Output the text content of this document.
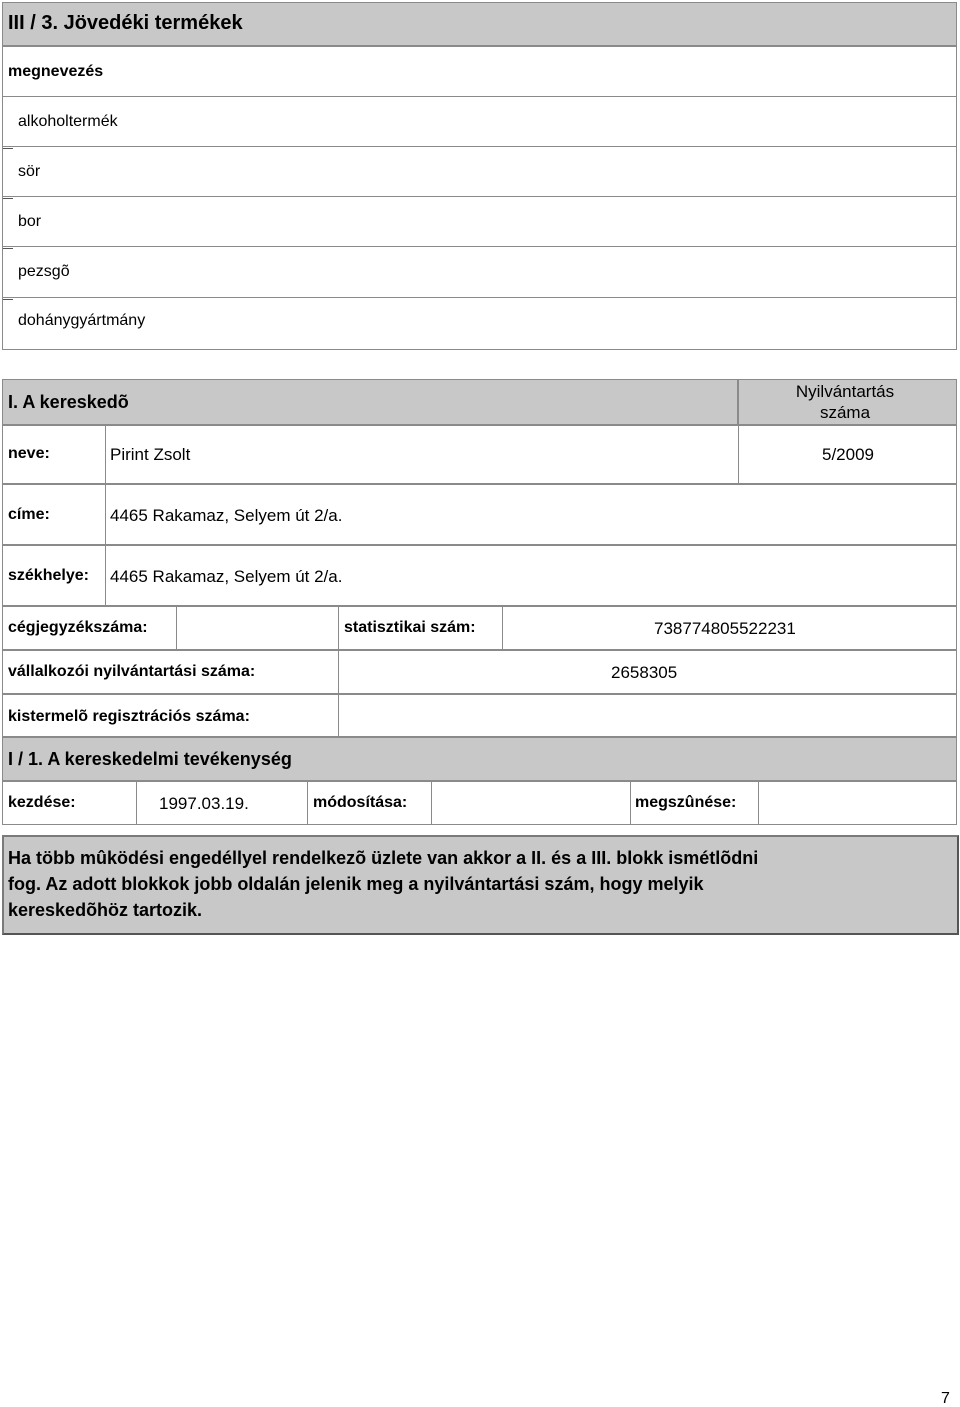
III / 3. Jövedéki termékek
megnevezés
alkoholtermék
sör
bor
pezsgõ
dohánygyártmány
I. A kereskedõ
Nyilvántartás száma
neve:	Pirint Zsolt	5/2009
címe:	4465 Rakamaz, Selyem út 2/a.
székhelye: 4465 Rakamaz, Selyem út 2/a.
cégjegyzékszáma:	statisztikai szám:	738774805522231
vállalkozói nyilvántartási száma:	2658305
kistermelõ regisztrációs száma:
I / 1. A kereskedelmi tevékenység
kezdése:	1997.03.19.	módosítása:	megszûnése:
Ha több mûködési engedéllyel rendelkezõ üzlete van akkor a II. és a III. blokk ismétlõdni
fog. Az adott blokkok jobb oldalán jelenik meg a nyilvántartási szám, hogy melyik
kereskedõhöz tartozik.
7
